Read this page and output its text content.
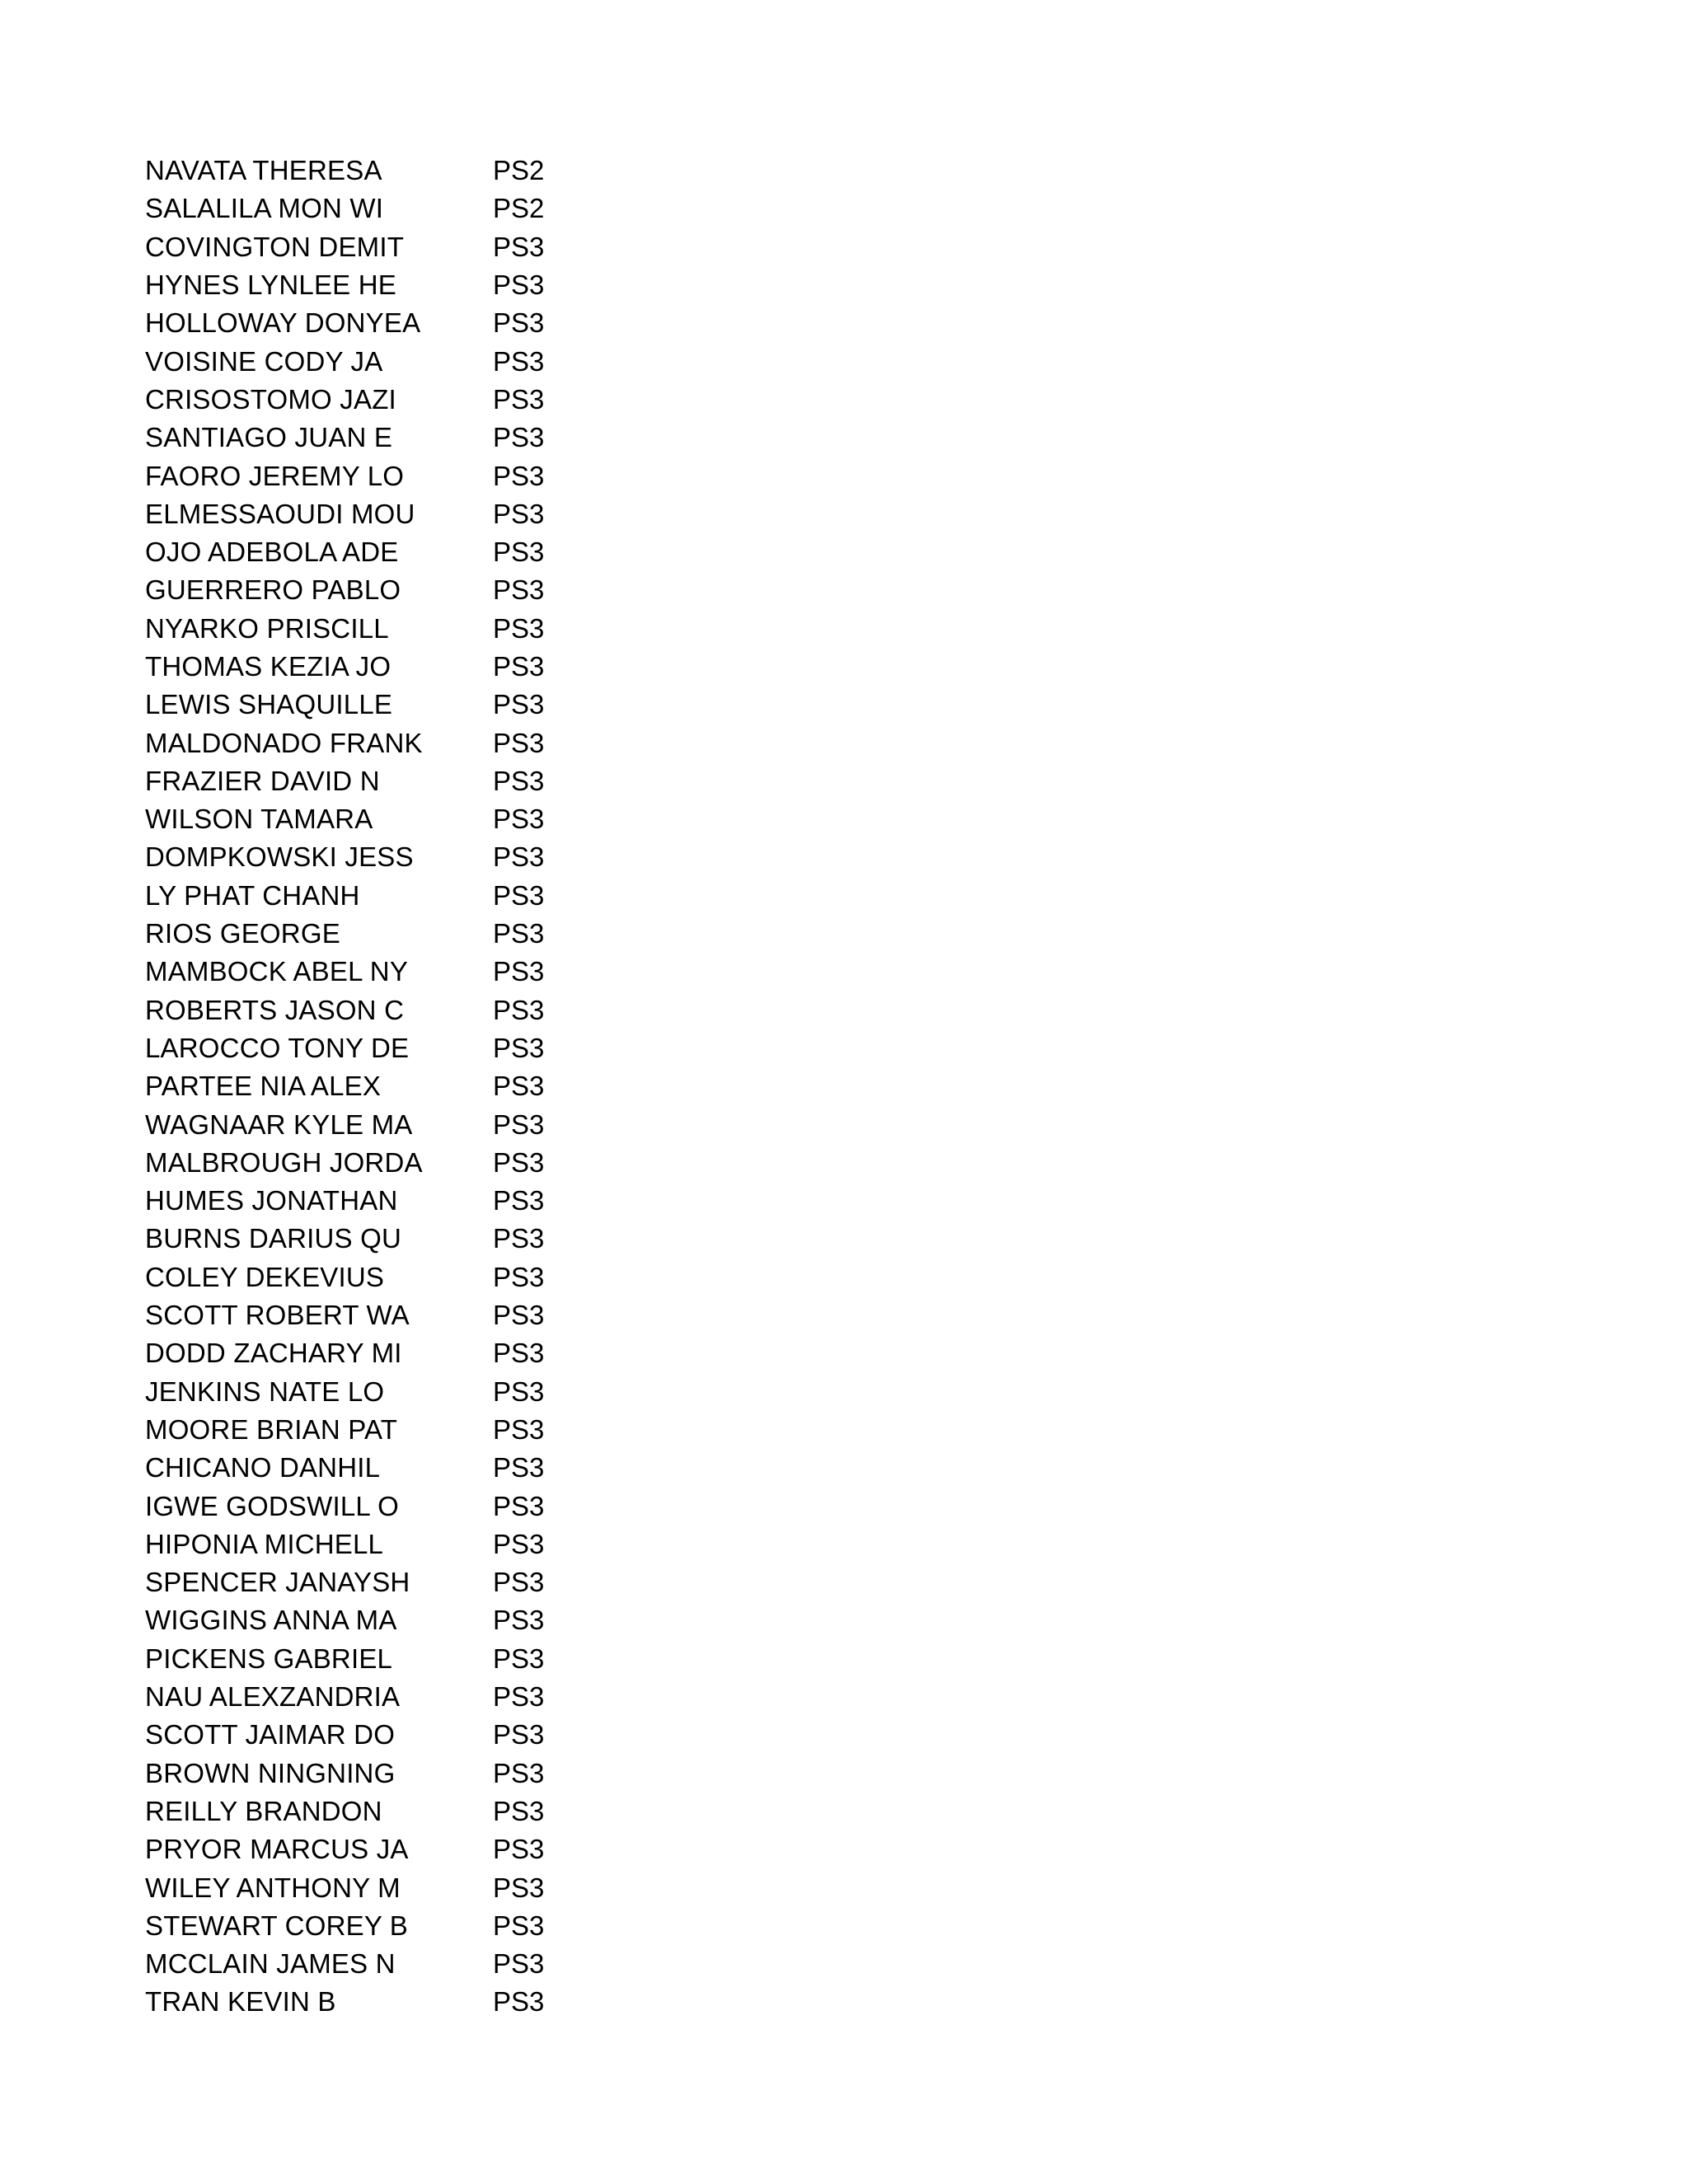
NAVATA THERESA	PS2
SALALILA MON WI	PS2
COVINGTON DEMIT	PS3
HYNES LYNLEE HE	PS3
HOLLOWAY DONYEA	PS3
VOISINE CODY JA	PS3
CRISOSTOMO JAZI	PS3
SANTIAGO JUAN E	PS3
FAORO JEREMY LO	PS3
ELMESSAOUDI MOU	PS3
OJO ADEBOLA ADE	PS3
GUERRERO PABLO	PS3
NYARKO PRISCILL	PS3
THOMAS KEZIA JO	PS3
LEWIS SHAQUILLE	PS3
MALDONADO FRANK	PS3
FRAZIER DAVID N	PS3
WILSON TAMARA	PS3
DOMPKOWSKI JESS	PS3
LY PHAT CHANH	PS3
RIOS GEORGE	PS3
MAMBOCK ABEL NY	PS3
ROBERTS JASON C	PS3
LAROCCO TONY DE	PS3
PARTEE NIA ALEX	PS3
WAGNAAR KYLE MA	PS3
MALBROUGH JORDA	PS3
HUMES JONATHAN	PS3
BURNS DARIUS QU	PS3
COLEY DEKEVIUS	PS3
SCOTT ROBERT WA	PS3
DODD ZACHARY MI	PS3
JENKINS NATE LO	PS3
MOORE BRIAN PAT	PS3
CHICANO DANHIL	PS3
IGWE GODSWILL O	PS3
HIPONIA MICHELL	PS3
SPENCER JANAYSH	PS3
WIGGINS ANNA MA	PS3
PICKENS GABRIEL	PS3
NAU ALEXZANDRIA	PS3
SCOTT JAIMAR DO	PS3
BROWN NINGNING	PS3
REILLY BRANDON	PS3
PRYOR MARCUS JA	PS3
WILEY ANTHONY M	PS3
STEWART COREY B	PS3
MCCLAIN JAMES N	PS3
TRAN KEVIN B	PS3
